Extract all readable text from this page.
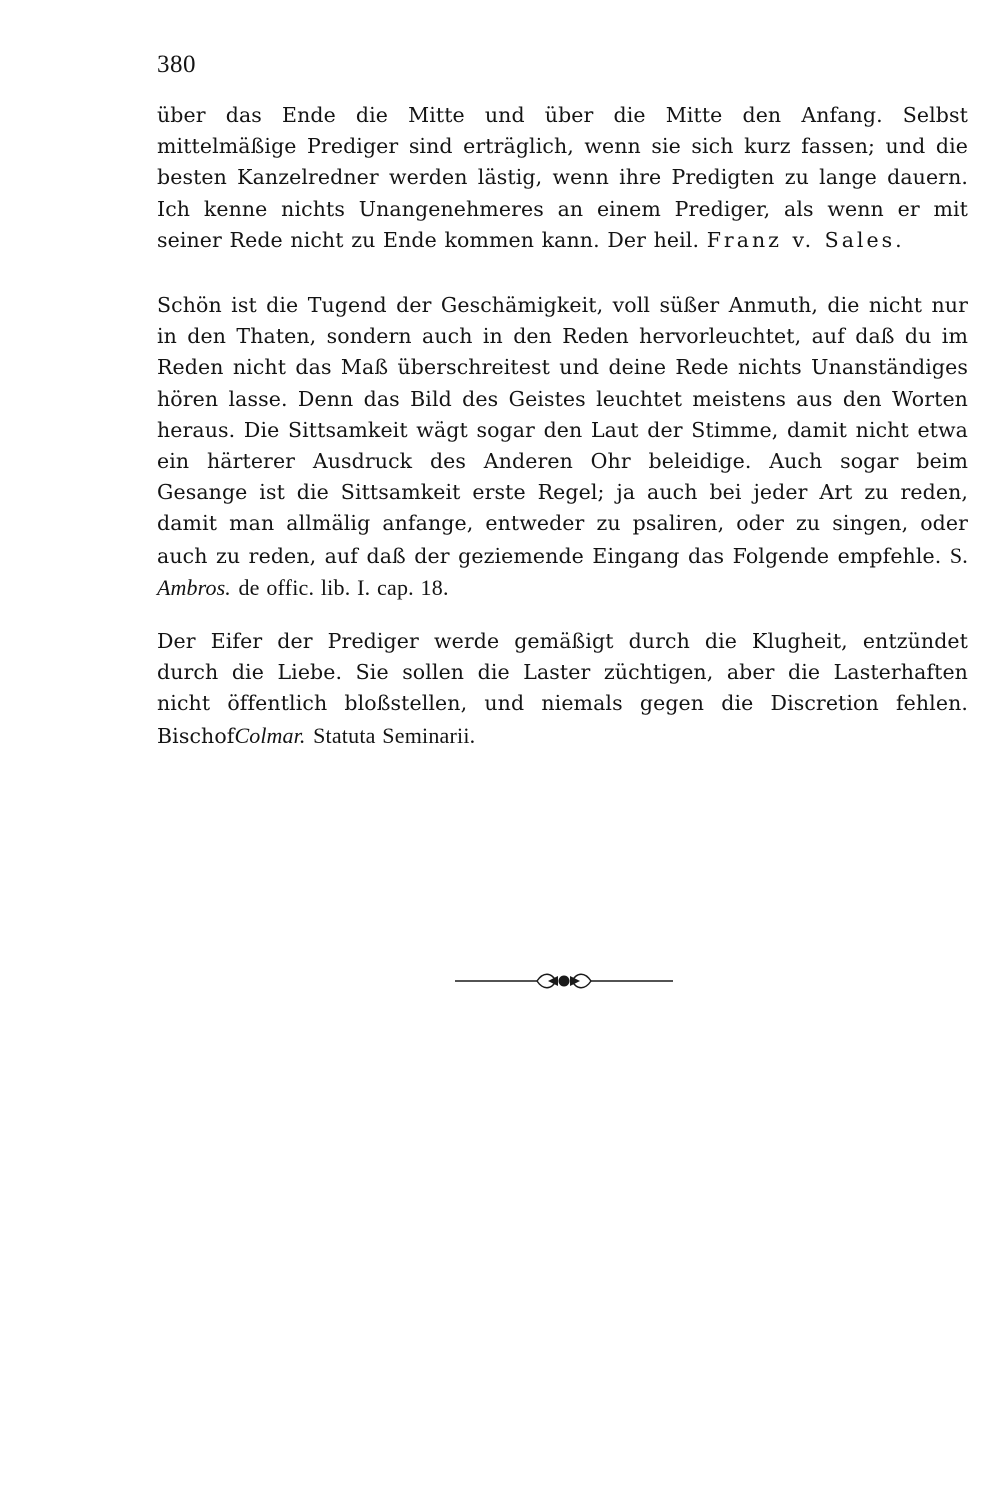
380

über das Ende die Mitte und über die Mitte den Anfang. Selbst mittelmäßige Prediger sind erträglich, wenn sie sich kurz fassen; und die besten Kanzelredner werden lästig, wenn ihre Predigten zu lange dauern. Ich kenne nichts Unangenehmeres an einem Prediger, als wenn er mit seiner Rede nicht zu Ende kommen kann. Der heil. Franz v. Sales.

Schön ist die Tugend der Geschämigkeit, voll süßer Anmuth, die nicht nur in den Thaten, sondern auch in den Reden hervorleuchtet, auf daß du im Reden nicht das Maß überschreitest und deine Rede nichts Unanständiges hören lasse. Denn das Bild des Geistes leuchtet meistens aus den Worten heraus. Die Sittsamkeit wägt sogar den Laut der Stimme, damit nicht etwa ein härterer Ausdruck des Anderen Ohr beleidige. Auch sogar beim Gesange ist die Sittsamkeit erste Regel; ja auch bei jeder Art zu reden, damit man allmälig anfange, entweder zu psaliren, oder zu singen, oder auch zu reden, auf daß der geziemende Eingang das Folgende empfehle. S. Ambros. de offic. lib. I. cap. 18.

Der Eifer der Prediger werde gemäßigt durch die Klugheit, entzündet durch die Liebe. Sie sollen die Laster züchtigen, aber die Lasterhaften nicht öffentlich bloßstellen, und niemals gegen die Discretion fehlen. BischofColmar. Statuta Seminarii.
